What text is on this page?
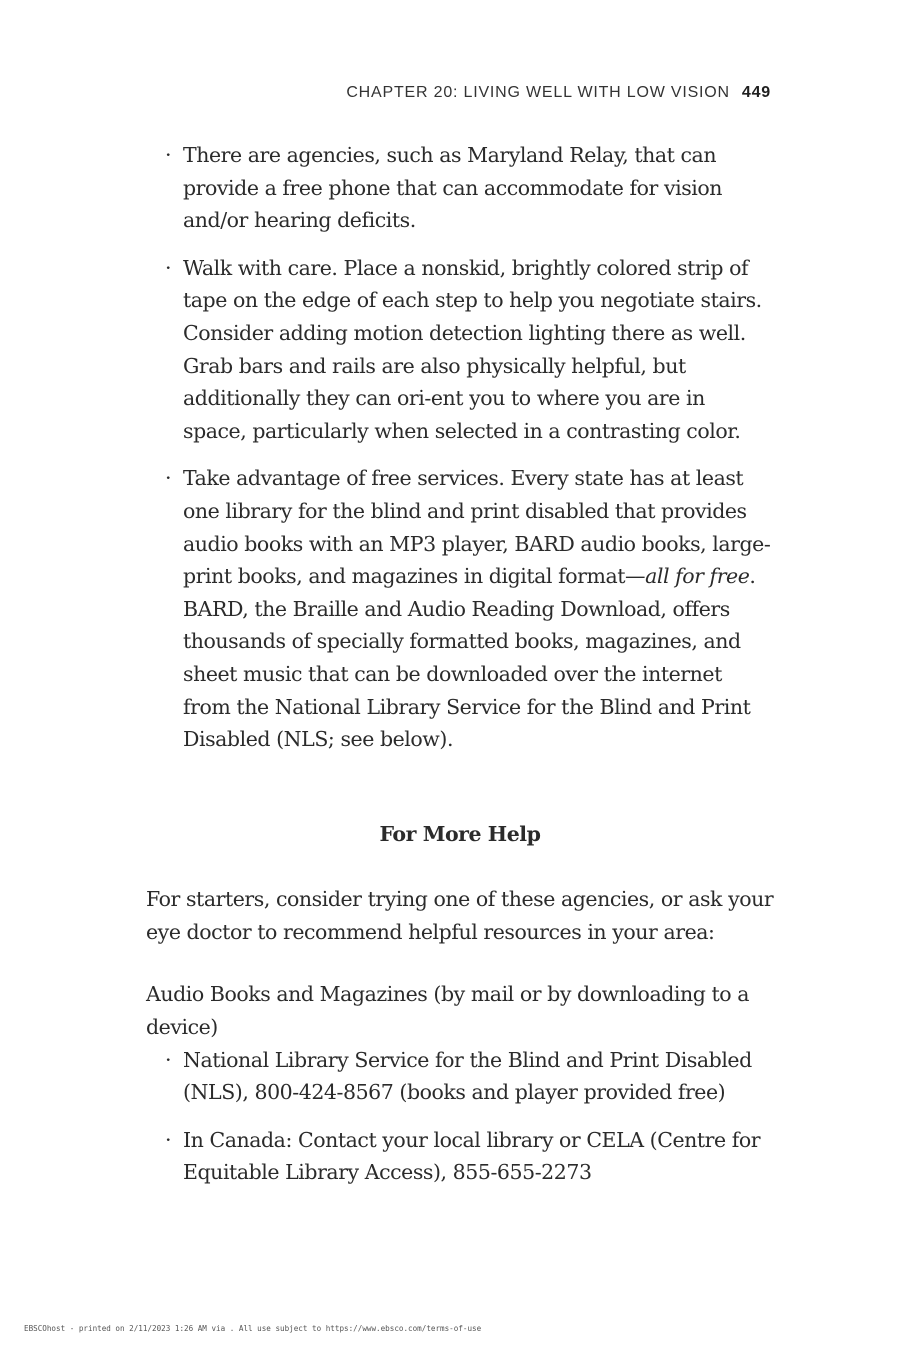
CHAPTER 20: LIVING WELL WITH LOW VISION 449
· There are agencies, such as Maryland Relay, that can provide a free phone that can accommodate for vision and/or hearing deficits.
· Walk with care. Place a nonskid, brightly colored strip of tape on the edge of each step to help you negotiate stairs. Consider adding motion detection lighting there as well. Grab bars and rails are also physically helpful, but additionally they can ori-ent you to where you are in space, particularly when selected in a contrasting color.
· Take advantage of free services. Every state has at least one library for the blind and print disabled that provides audio books with an MP3 player, BARD audio books, large-print books, and magazines in digital format—all for free. BARD, the Braille and Audio Reading Download, offers thousands of specially formatted books, magazines, and sheet music that can be downloaded over the internet from the National Library Service for the Blind and Print Disabled (NLS; see below).
For More Help

For starters, consider trying one of these agencies, or ask your eye doctor to recommend helpful resources in your area:

Audio Books and Magazines (by mail or by downloading to a device)

· National Library Service for the Blind and Print Disabled (NLS), 800-424-8567 (books and player provided free)
· In Canada: Contact your local library or CELA (Centre for Equitable Library Access), 855-655-2273
EBSCOhost - printed on 2/11/2023 1:26 AM via . All use subject to https://www.ebsco.com/terms-of-use
